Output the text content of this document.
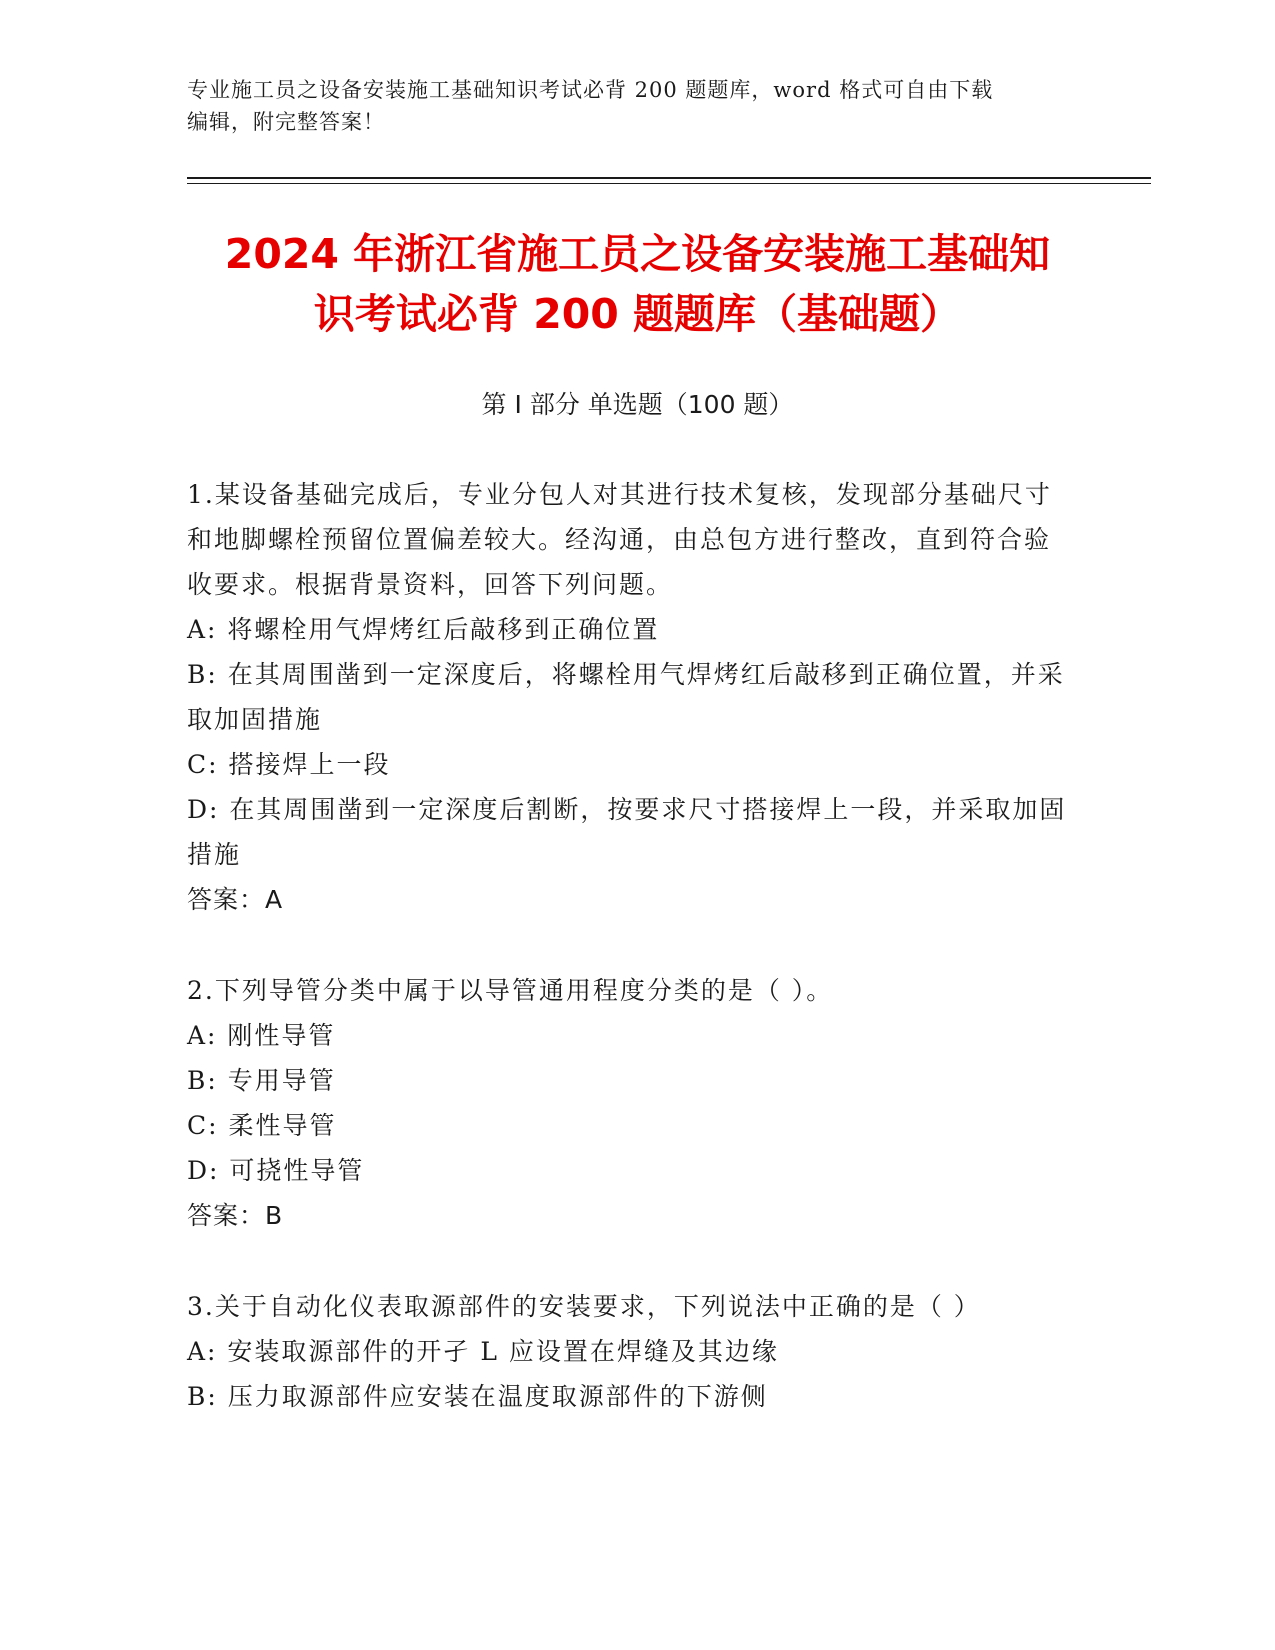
专业施工员之设备安装施工基础知识考试必背 200 题题库，word 格式可自由下载
编辑，附完整答案！
2024 年浙江省施工员之设备安装施工基础知
识考试必背 200 题题库（基础题）
第 I 部分 单选题（100 题）
1.某设备基础完成后，专业分包人对其进行技术复核，发现部分基础尺寸和地脚螺栓预留位置偏差较大。经沟通，由总包方进行整改，直到符合验收要求。根据背景资料，回答下列问题。
A: 将螺栓用气焊烤红后敲移到正确位置
B: 在其周围凿到一定深度后，将螺栓用气焊烤红后敲移到正确位置，并采取加固措施
C: 搭接焊上一段
D: 在其周围凿到一定深度后割断，按要求尺寸搭接焊上一段，并采取加固措施
答案：A
2.下列导管分类中属于以导管通用程度分类的是（ ）。
A: 刚性导管
B: 专用导管
C: 柔性导管
D: 可挠性导管
答案：B
3.关于自动化仪表取源部件的安装要求，下列说法中正确的是（ ）
A: 安装取源部件的开孑 L 应设置在焊缝及其边缘
B: 压力取源部件应安装在温度取源部件的下游侧
